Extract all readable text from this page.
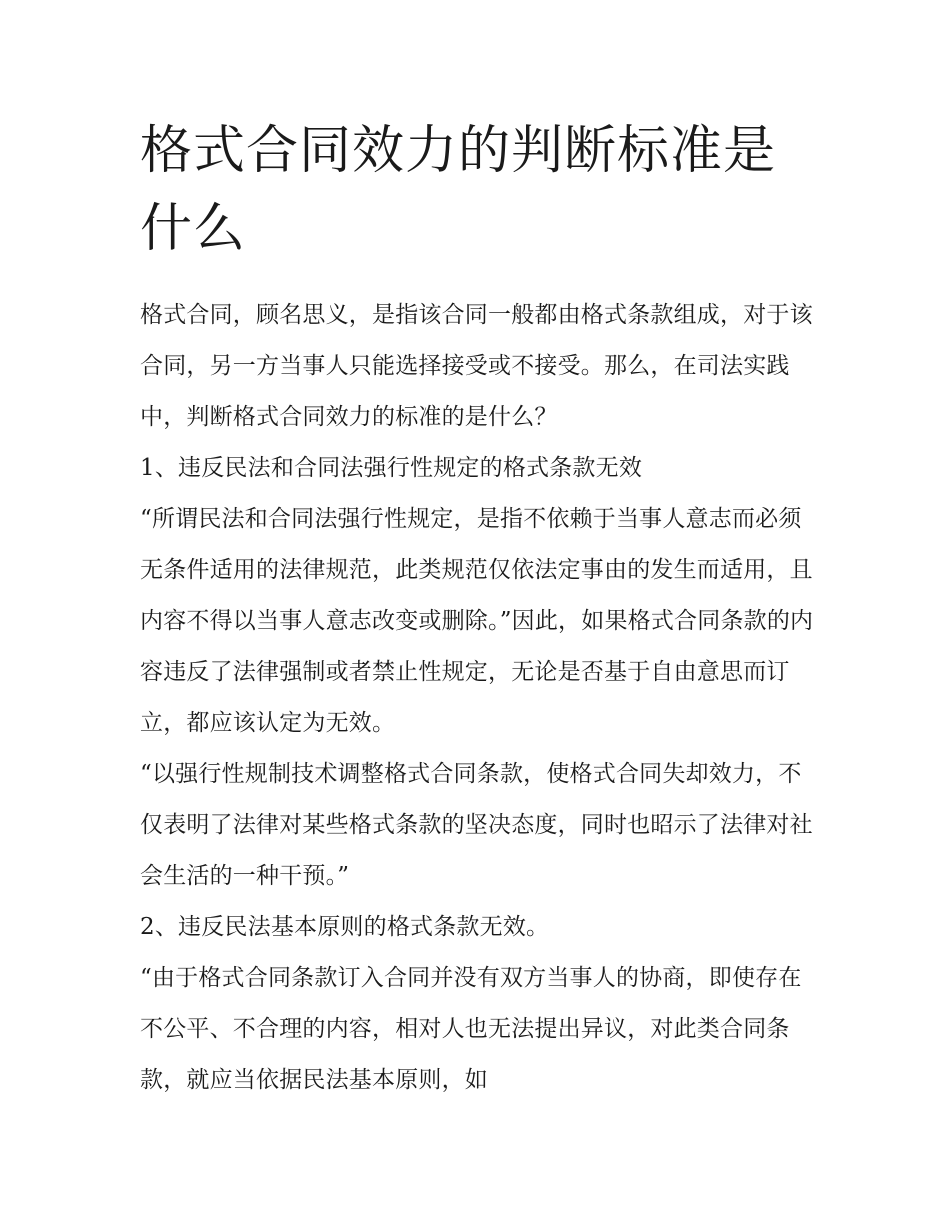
格式合同效力的判断标准是什么

格式合同，顾名思义，是指该合同一般都由格式条款组成，对于该合同，另一方当事人只能选择接受或不接受。那么，在司法实践中，判断格式合同效力的标准的是什么？

1、违反民法和合同法强行性规定的格式条款无效

“所谓民法和合同法强行性规定，是指不依赖于当事人意志而必须无条件适用的法律规范，此类规范仅依法定事由的发生而适用，且内容不得以当事人意志改变或删除。”因此，如果格式合同条款的内容违反了法律强制或者禁止性规定，无论是否基于自由意思而订立，都应该认定为无效。

“以强行性规制技术调整格式合同条款，使格式合同失却效力，不仅表明了法律对某些格式条款的坚决态度，同时也昭示了法律对社会生活的一种干预。”

2、违反民法基本原则的格式条款无效。

“由于格式合同条款订入合同并没有双方当事人的协商，即使存在不公平、不合理的内容，相对人也无法提出异议，对此类合同条款，就应当依据民法基本原则，如
